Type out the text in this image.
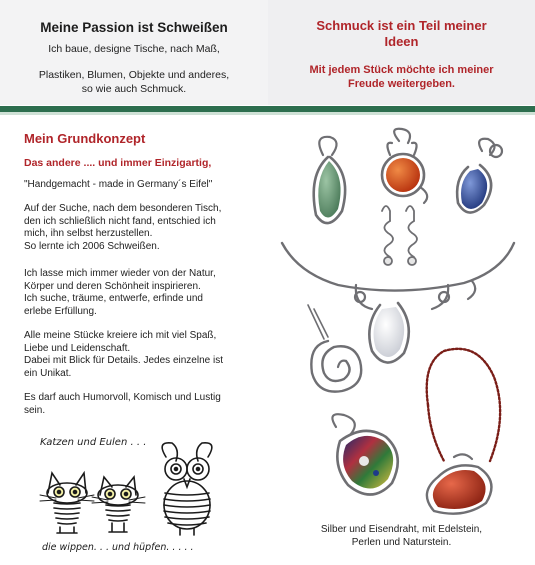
Meine Passion ist Schweißen
Ich baue, designe Tische, nach Maß,
Plastiken, Blumen, Objekte und anderes,
so wie auch Schmuck.
Schmuck ist ein Teil meiner
Ideen
Mit jedem Stück möchte ich meiner
Freude weitergeben.
Mein Grundkonzept
Das andere .... und immer Einzigartig,
"Handgemacht - made in Germany´s Eifel"
Auf der Suche, nach dem besonderen Tisch,
den ich schließlich nicht fand, entschied ich
mich, ihn selbst herzustellen.
So lernte ich 2006 Schweißen.
Ich lasse mich immer wieder von der Natur,
Körper und deren Schönheit inspirieren.
Ich suche, träume, entwerfe, erfinde und
erlebe Erfüllung.
Alle meine Stücke kreiere ich mit viel Spaß,
Liebe und Leidenschaft.
Dabei mit Blick für Details. Jedes einzelne ist
ein Unikat.
Es darf auch Humorvoll, Komisch und Lustig
sein.
Katzen und Eulen . . .
die wippen. . . und hüpfen. . . . .
Silber und Eisendraht, mit Edelstein,
Perlen und Naturstein.
